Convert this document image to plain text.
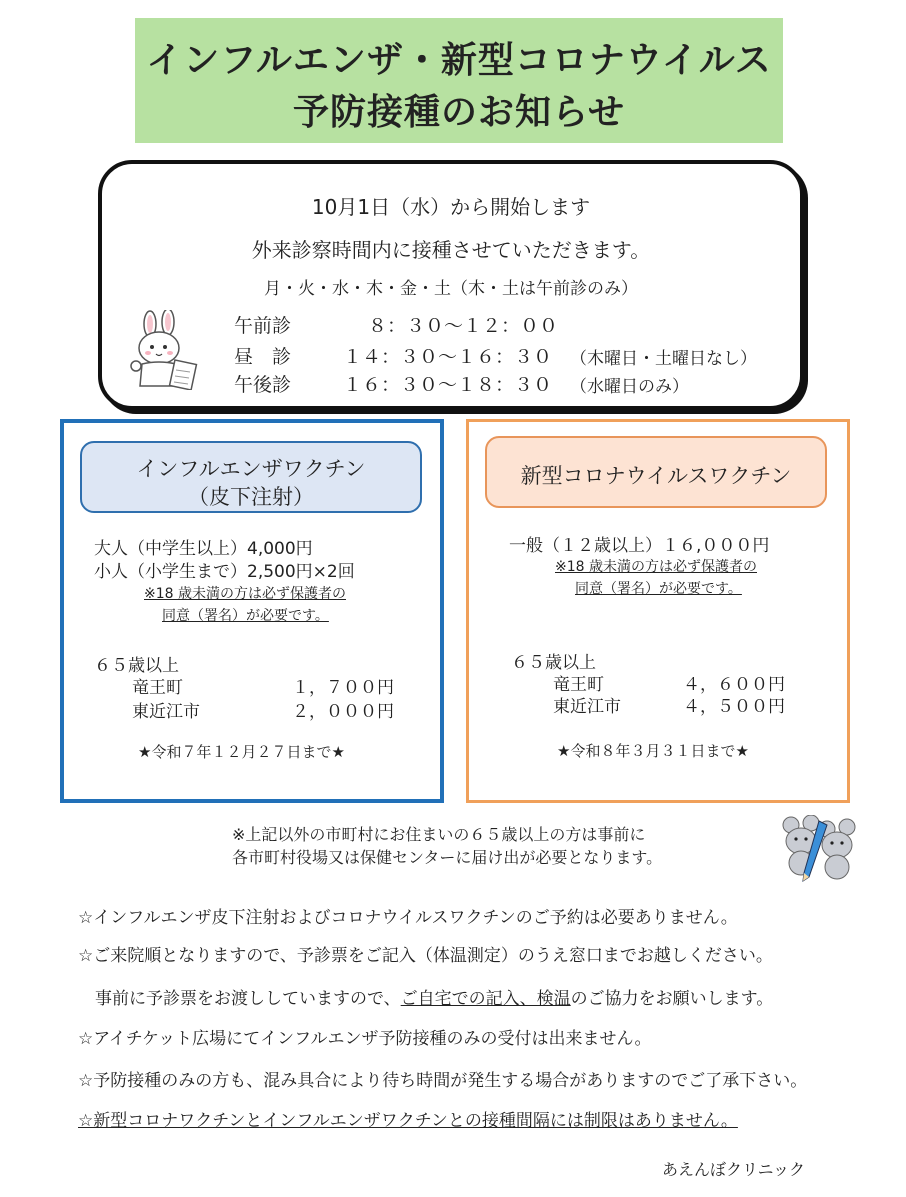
インフルエンザ・新型コロナウイルス
予防接種のお知らせ
10月1日（水）から開始します
外来診察時間内に接種させていただきます。
月・火・水・木・金・土（木・土は午前診のみ）
午前診	８：３０～１２：００
昼　診	１４：３０～１６：３０ （木曜日・土曜日なし）
午後診	１６：３０～１８：３０ （水曜日のみ）
インフルエンザワクチン
（皮下注射）
大人（中学生以上）4,000円
小人（小学生まで）2,500円×2回
※18 歳未満の方は必ず保護者の
同意（署名）が必要です。
６５歳以上
竜王町	１，７００円
東近江市	２，０００円
★令和７年１２月２７日まで★
新型コロナウイルスワクチン
一般（１２歳以上）１６,０００円
※18 歳未満の方は必ず保護者の
同意（署名）が必要です。
６５歳以上
竜王町	４，６００円
東近江市	４，５００円
★令和８年３月３１日まで★
※上記以外の市町村にお住まいの６５歳以上の方は事前に
各市町村役場又は保健センターに届け出が必要となります。
☆インフルエンザ皮下注射およびコロナウイルスワクチンのご予約は必要ありません。
☆ご来院順となりますので、予診票をご記入（体温測定）のうえ窓口までお越しください。
　事前に予診票をお渡ししていますので、ご自宅での記入、検温のご協力をお願いします。
☆アイチケット広場にてインフルエンザ予防接種のみの受付は出来ません。
☆予防接種のみの方も、混み具合により待ち時間が発生する場合がありますのでご了承下さい。
☆新型コロナワクチンとインフルエンザワクチンとの接種間隔には制限はありません。
あえんぼクリニック
